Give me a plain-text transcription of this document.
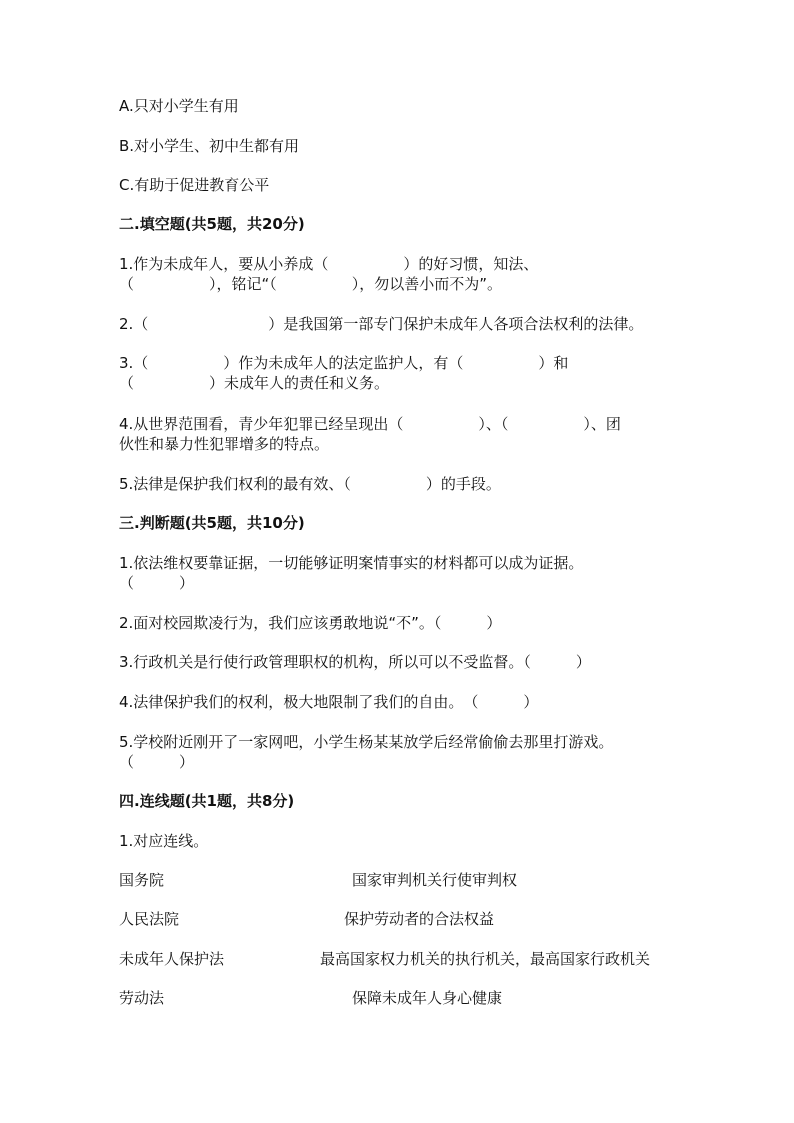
A.只对小学生有用
B.对小学生、初中生都有用
C.有助于促进教育公平
二.填空题(共5题，共20分)
1.作为未成年人，要从小养成（　　　　　）的好习惯，知法、
（　　　　　），铭记“（　　　　　），勿以善小而不为”。
2.（　　　　　　　　）是我国第一部专门保护未成年人各项合法权利的法律。
3.（　　　　　）作为未成年人的法定监护人，有（　　　　　）和
（　　　　　）未成年人的责任和义务。
4.从世界范围看，青少年犯罪已经呈现出（　　　　　）、（　　　　　）、团
伙性和暴力性犯罪增多的特点。
5.法律是保护我们权利的最有效、（　　　　　）的手段。
三.判断题(共5题，共10分)
1.依法维权要靠证据，一切能够证明案情事实的材料都可以成为证据。
（　　　）
2.面对校园欺凌行为，我们应该勇敢地说“不”。（　　　）
3.行政机关是行使行政管理职权的机构，所以可以不受监督。（　　　）
4.法律保护我们的权利，极大地限制了我们的自由。　（　　　）
5.学校附近刚开了一家网吧，小学生杨某某放学后经常偷偷去那里打游戏。
（　　　）
四.连线题(共1题，共8分)
1.对应连线。
国务院	国家审判机关行使审判权
人民法院	保护劳动者的合法权益
未成年人保护法	最高国家权力机关的执行机关，最高国家行政机关
劳动法	保障未成年人身心健康
